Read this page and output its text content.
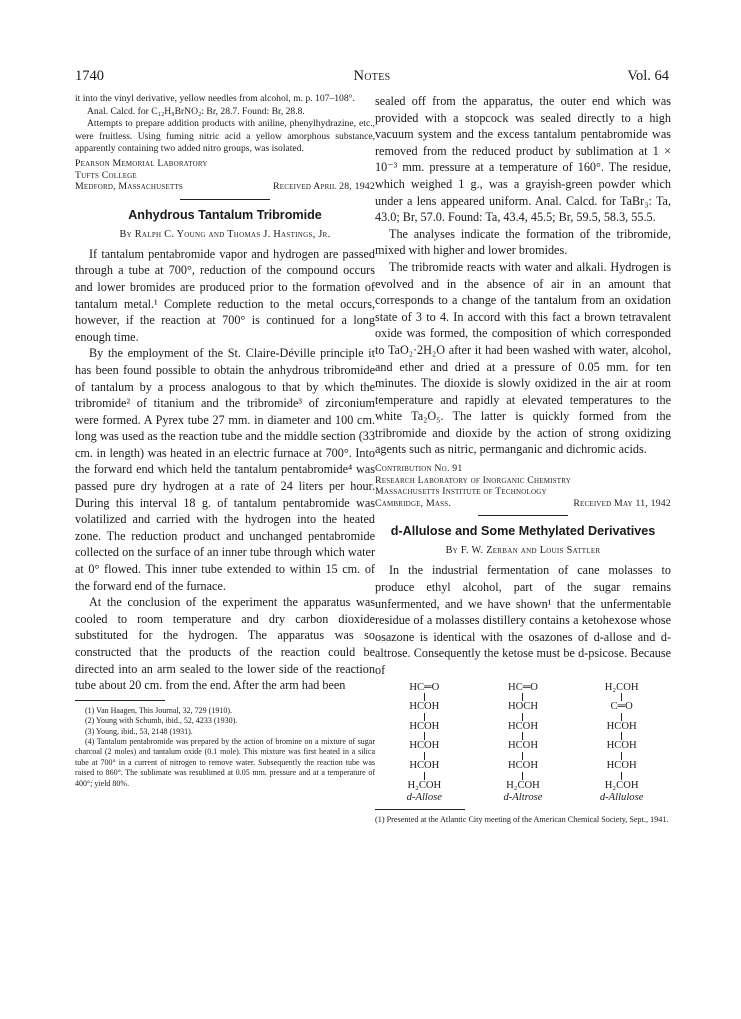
1740	Notes	Vol. 64

it into the vinyl derivative, yellow needles from alcohol, m. p. 107–108°.

Anal. Calcd. for C₁₂H₉BrNO₂: Br, 28.7. Found: Br, 28.8.

Attempts to prepare addition products with aniline, phenylhydrazine, etc., were fruitless. Using fuming nitric acid a yellow amorphous substance, apparently containing two added nitro groups, was isolated.

Pearson Memorial Laboratory
Tufts College
Medford, Massachusetts	Received April 28, 1942
Anhydrous Tantalum Tribromide
By Ralph C. Young and Thomas J. Hastings, Jr.

If tantalum pentabromide vapor and hydrogen are passed through a tube at 700°, reduction of the compound occurs and lower bromides are produced prior to the formation of tantalum metal.¹ Complete reduction to the metal occurs, however, if the reaction at 700° is continued for a long enough time.

By the employment of the St. Claire-Déville principle it has been found possible to obtain the anhydrous tribromide of tantalum by a process analogous to that by which the tribromide² of titanium and the tribromide³ of zirconium were formed. A Pyrex tube 27 mm. in diameter and 100 cm. long was used as the reaction tube and the middle section (33 cm. in length) was heated in an electric furnace at 700°. Into the forward end which held the tantalum pentabromide⁴ was passed pure dry hydrogen at a rate of 24 liters per hour. During this interval 18 g. of tantalum pentabromide was volatilized and carried with the hydrogen into the heated zone. The reduction product and unchanged pentabromide collected on the surface of an inner tube through which water at 0° flowed. This inner tube extended to within 15 cm. of the forward end of the furnace.

At the conclusion of the experiment the apparatus was cooled to room temperature and dry carbon dioxide substituted for the hydrogen. The apparatus was so constructed that the products of the reaction could be directed into an arm sealed to the lower side of the reaction tube about 20 cm. from the end. After the arm had been

(1) Van Haagen, This Journal, 32, 729 (1910).
(2) Young with Schumb, ibid., 52, 4233 (1930).
(3) Young, ibid., 53, 2148 (1931).
(4) Tantalum pentabromide was prepared by the action of bromine on a mixture of sugar charcoal (2 moles) and tantalum oxide (0.1 mole). This mixture was first heated in a silica tube at 700° in a current of nitrogen to remove water. Subsequently the reaction tube was raised to 860°. The sublimate was resublimed at 0.05 mm. pressure and at a temperature of 400°; yield 80%.

sealed off from the apparatus, the outer end which was provided with a stopcock was sealed directly to a high vacuum system and the excess tantalum pentabromide was removed from the reduced product by sublimation at 1 × 10⁻³ mm. pressure at a temperature of 160°. The residue, which weighed 1 g., was a grayish-green powder which under a lens appeared uniform. Anal. Calcd. for TaBr₃: Ta, 43.0; Br, 57.0. Found: Ta, 43.4, 45.5; Br, 59.5, 58.3, 55.5.

The analyses indicate the formation of the tribromide, mixed with higher and lower bromides.

The tribromide reacts with water and alkali. Hydrogen is evolved and in the absence of air in an amount that corresponds to a change of the tantalum from an oxidation state of 3 to 4. In accord with this fact a brown tetravalent oxide was formed, the composition of which corresponded to TaO₂·2H₂O after it had been washed with water, alcohol, and ether and dried at a pressure of 0.05 mm. for ten minutes. The dioxide is slowly oxidized in the air at room temperature and rapidly at elevated temperatures to the white Ta₂O₅. The latter is quickly formed from the tribromide and dioxide by the action of strong oxidizing agents such as nitric, permanganic and dichromic acids.

Contribution No. 91
Research Laboratory of Inorganic Chemistry
Massachusetts Institute of Technology
Cambridge, Mass.	Received May 11, 1942
d-Allulose and Some Methylated Derivatives
By F. W. Zerban and Louis Sattler

In the industrial fermentation of cane molasses to produce ethyl alcohol, part of the sugar remains unfermented, and we have shown¹ that the unfermentable residue of a molasses distillery contains a ketohexose whose osazone is identical with the osazones of d-allose and d-altrose. Consequently the ketose must be d-psicose. Because of

HC═O
HCOH
HCOH
HCOH
HCOH
H₂COH
d-Allose
HC═O
HOCH
HCOH
HCOH
HCOH
H₂COH
d-Altrose
H₂COH
C═O
HCOH
HCOH
HCOH
H₂COH
d-Allulose
(1) Presented at the Atlantic City meeting of the American Chemical Society, Sept., 1941.
